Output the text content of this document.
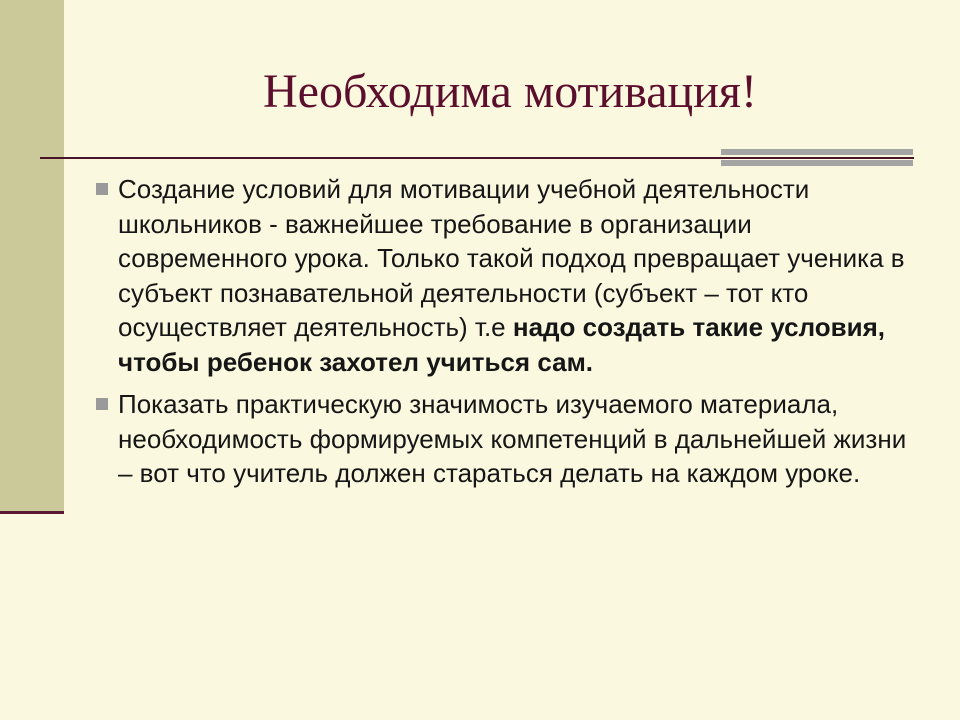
Необходима мотивация!
Создание условий для мотивации учебной деятельности школьников - важнейшее требование в организации современного урока. Только такой подход превращает ученика в субъект познавательной деятельности (субъект – тот кто осуществляет деятельность) т.е надо создать такие условия, чтобы ребенок захотел учиться сам.
Показать практическую значимость изучаемого материала, необходимость формируемых компетенций в дальнейшей жизни – вот что учитель должен стараться делать на каждом уроке.
